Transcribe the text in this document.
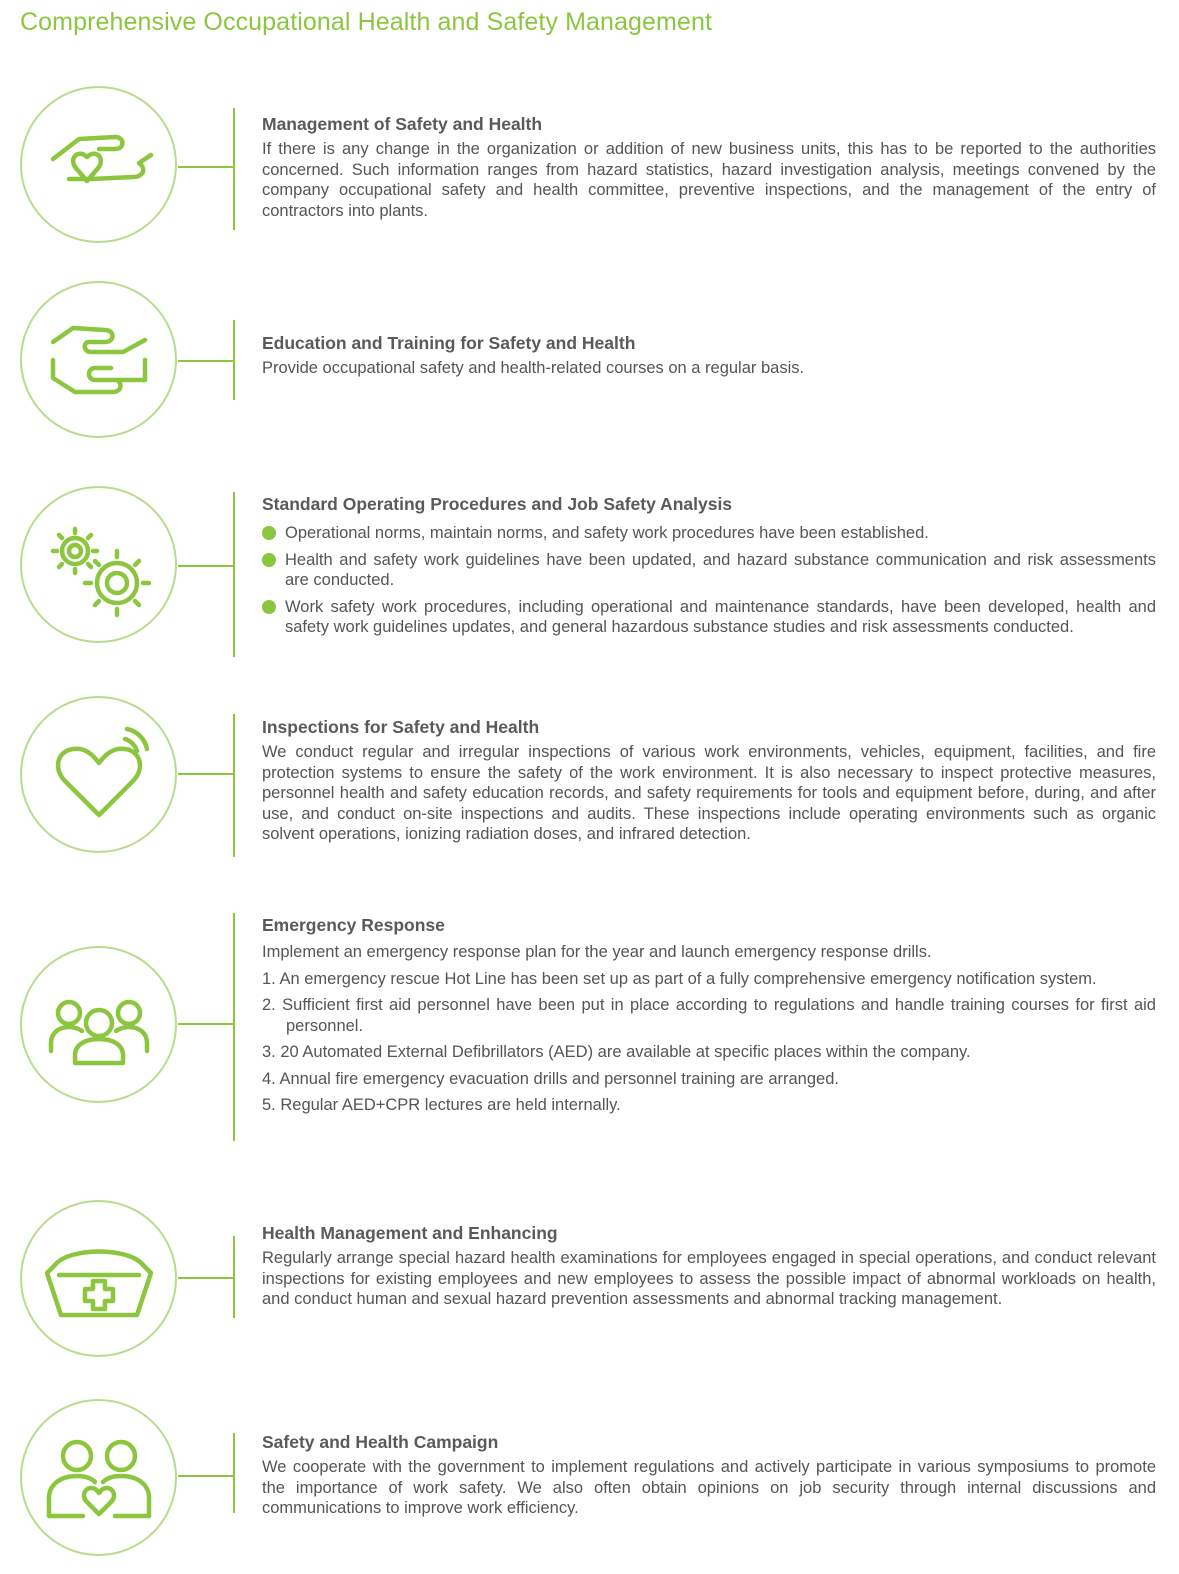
Comprehensive Occupational Health and Safety Management
Management of Safety and Health

If there is any change in the organization or addition of new business units, this has to be reported to the authorities concerned. Such information ranges from hazard statistics, hazard investigation analysis, meetings convened by the company occupational safety and health committee, preventive inspections, and the management of the entry of contractors into plants.

Education and Training for Safety and Health

Provide occupational safety and health-related courses on a regular basis.

Standard Operating Procedures and Job Safety Analysis
Operational norms, maintain norms, and safety work procedures have been established.
Health and safety work guidelines have been updated, and hazard substance communication and risk assessments are conducted.
Work safety work procedures, including operational and maintenance standards, have been developed, health and safety work guidelines updates, and general hazardous substance studies and risk assessments conducted.
Inspections for Safety and Health

We conduct regular and irregular inspections of various work environments, vehicles, equipment, facilities, and fire protection systems to ensure the safety of the work environment. It is also necessary to inspect protective measures, personnel health and safety education records, and safety requirements for tools and equipment before, during, and after use, and conduct on-site inspections and audits. These inspections include operating environments such as organic solvent operations, ionizing radiation doses, and infrared detection.

Emergency Response

Implement an emergency response plan for the year and launch emergency response drills.

1. An emergency rescue Hot Line has been set up as part of a fully comprehensive emergency notification system.
2. Sufficient first aid personnel have been put in place according to regulations and handle training courses for first aid personnel.
3. 20 Automated External Defibrillators (AED) are available at specific places within the company.
4. Annual fire emergency evacuation drills and personnel training are arranged.
5. Regular AED+CPR lectures are held internally.
Health Management and Enhancing

Regularly arrange special hazard health examinations for employees engaged in special operations, and conduct relevant inspections for existing employees and new employees to assess the possible impact of abnormal workloads on health, and conduct human and sexual hazard prevention assessments and abnormal tracking management.

Safety and Health Campaign

We cooperate with the government to implement regulations and actively participate in various symposiums to promote the importance of work safety. We also often obtain opinions on job security through internal discussions and communications to improve work efficiency.
